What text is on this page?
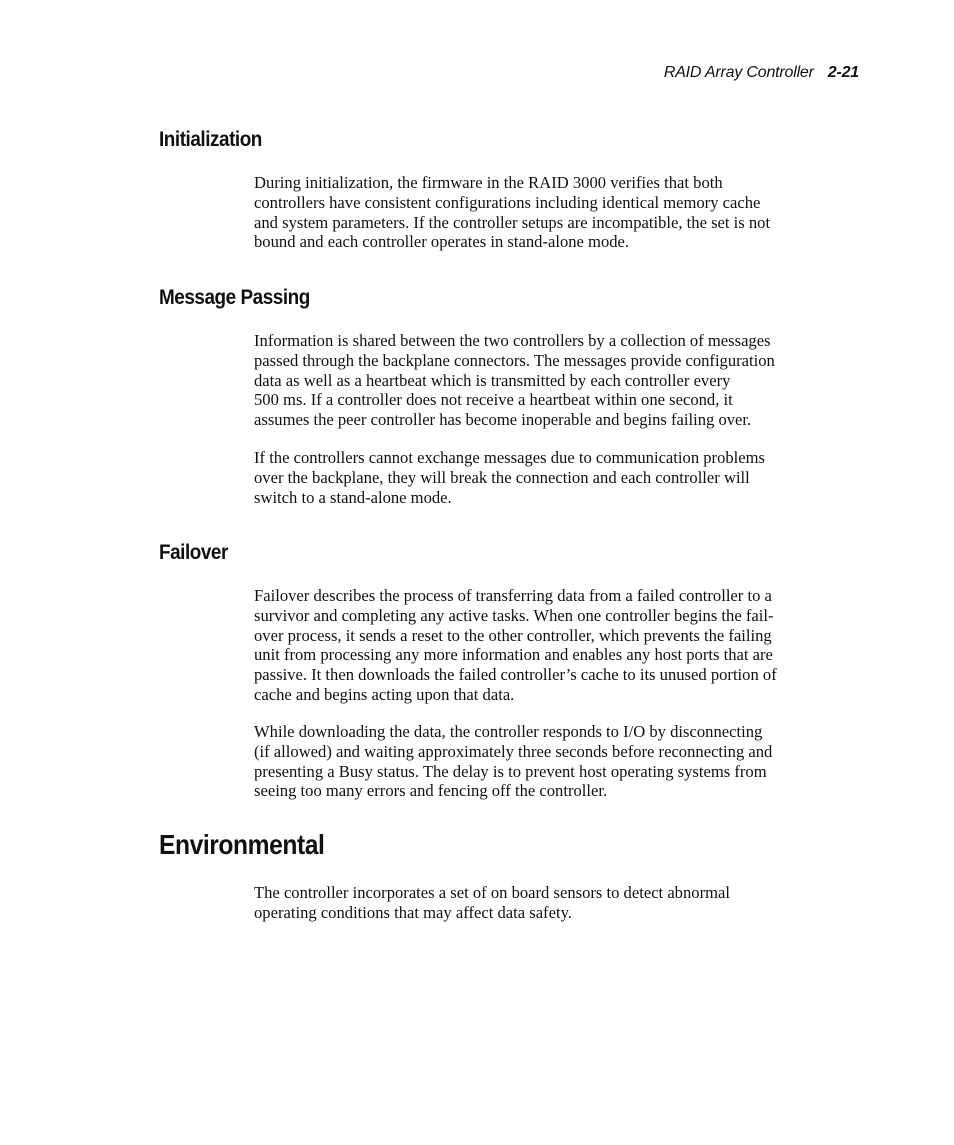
RAID Array Controller 2-21
Initialization

During initialization, the firmware in the RAID 3000 verifies that both
controllers have consistent configurations including identical memory cache
and system parameters. If the controller setups are incompatible, the set is not
bound and each controller operates in stand-alone mode.

Message Passing

Information is shared between the two controllers by a collection of messages
passed through the backplane connectors. The messages provide configuration
data as well as a heartbeat which is transmitted by each controller every
500 ms. If a controller does not receive a heartbeat within one second, it
assumes the peer controller has become inoperable and begins failing over.

If the controllers cannot exchange messages due to communication problems
over the backplane, they will break the connection and each controller will
switch to a stand-alone mode.

Failover

Failover describes the process of transferring data from a failed controller to a
survivor and completing any active tasks. When one controller begins the fail-
over process, it sends a reset to the other controller, which prevents the failing
unit from processing any more information and enables any host ports that are
passive. It then downloads the failed controller’s cache to its unused portion of
cache and begins acting upon that data.

While downloading the data, the controller responds to I/O by disconnecting
(if allowed) and waiting approximately three seconds before reconnecting and
presenting a Busy status. The delay is to prevent host operating systems from
seeing too many errors and fencing off the controller.

Environmental

The controller incorporates a set of on board sensors to detect abnormal
operating conditions that may affect data safety.
